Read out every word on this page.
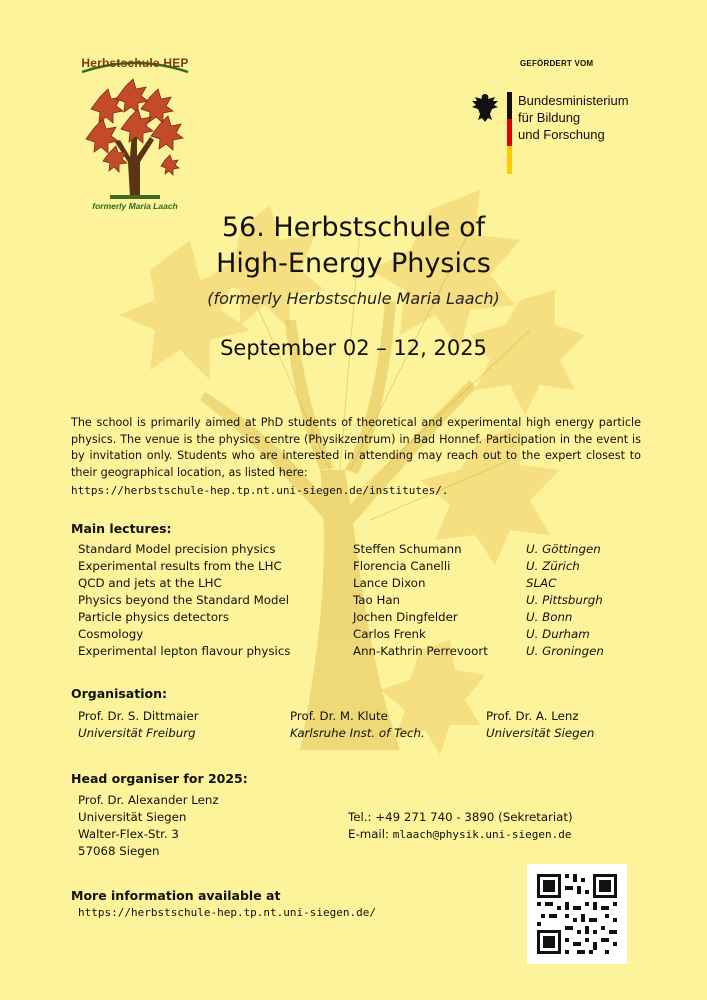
Herbstschule HEP
formerly Maria Laach
GEFÖRDERT VOM
Bundesministerium
für Bildung
und Forschung
56. Herbstschule of
High-Energy Physics
(formerly Herbstschule Maria Laach)
September 02 – 12, 2025
The school is primarily aimed at PhD students of theoretical and experimental high energy particle physics. The venue is the physics centre (Physikzentrum) in Bad Honnef. Participation in the event is by invitation only. Students who are interested in attending may reach out to the expert closest to their geographical location, as listed here:
https://herbstschule-hep.tp.nt.uni-siegen.de/institutes/.
Main lectures:
Standard Model precision physics	Steffen Schumann	U. Göttingen
Experimental results from the LHC	Florencia Canelli	U. Zürich
QCD and jets at the LHC	Lance Dixon	SLAC
Physics beyond the Standard Model	Tao Han	U. Pittsburgh
Particle physics detectors	Jochen Dingfelder	U. Bonn
Cosmology	Carlos Frenk	U. Durham
Experimental lepton flavour physics	Ann-Kathrin Perrevoort	U. Groningen
Organisation:
Prof. Dr. S. Dittmaier
Universität Freiburg
Prof. Dr. M. Klute
Karlsruhe Inst. of Tech.
Prof. Dr. A. Lenz
Universität Siegen
Head organiser for 2025:
Prof. Dr. Alexander Lenz
Universität Siegen
Walter-Flex-Str. 3
57068 Siegen
Tel.: +49 271 740 - 3890 (Sekretariat)
E-mail: mlaach@physik.uni-siegen.de
More information available at
https://herbstschule-hep.tp.nt.uni-siegen.de/
